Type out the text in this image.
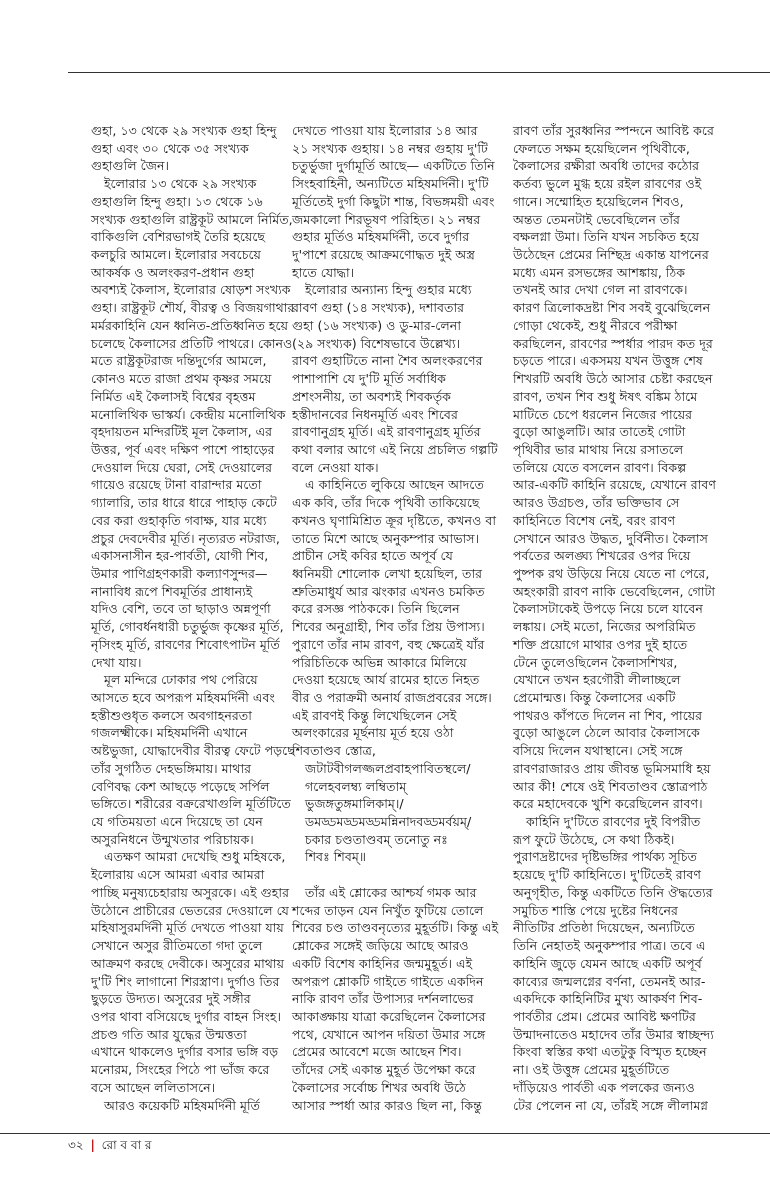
গুহা, ১৩ থেকে ২৯ সংখ্যক গুহা হিন্দু
গুহা এবং ৩০ থেকে ৩৫ সংখ্যক
গুহাগুলি জৈন।
ইলোরার ১৩ থেকে ২৯ সংখ্যক
গুহাগুলি হিন্দু গুহা। ১৩ থেকে ১৬
সংখ্যক গুহাগুলি রাষ্ট্রকূট আমলে নির্মিত,
বাকিগুলি বেশিরভাগই তৈরি হয়েছে
কলচুরি আমলে। ইলোরার সবচেয়ে
আকর্ষক ও অলংকরণ-প্রধান গুহা
অবশ্যই কৈলাস, ইলোরার ষোড়শ সংখ্যক
গুহা। রাষ্ট্রকূট শৌর্য, বীরত্ব ও বিজয়গাথার
মর্মরকাহিনি যেন ধ্বনিত-প্রতিধ্বনিত হয়ে
চলেছে কৈলাসের প্রতিটি পাথরে। কোনও
মতে রাষ্ট্রকূটরাজ দন্তিদুর্গের আমলে,
কোনও মতে রাজা প্রথম কৃষ্ণর সময়ে
নির্মিত এই কৈলাসই বিশ্বের বৃহত্তম
মনোলিথিক ভাস্কর্য। কেন্দ্রীয় মনোলিথিক
বৃহদায়তন মন্দিরটিই মূল কৈলাস, এর
উত্তর, পূর্ব এবং দক্ষিণ পাশে পাহাড়ের
দেওয়াল দিয়ে ঘেরা, সেই দেওয়ালের
গায়েও রয়েছে টানা বারান্দার মতো
গ্যালারি, তার ধারে ধারে পাহাড় কেটে
বের করা গুহাকৃতি গবাক্ষ, যার মধ্যে
প্রচুর দেবদেবীর মূর্তি। নৃত্যরত নটরাজ,
একাসনাসীন হর-পার্বতী, যোগী শিব,
উমার পাণিগ্রহণকারী কল্যাণসুন্দর—
নানাবিধ রূপে শিবমূর্তির প্রাধান্যই
যদিও বেশি, তবে তা ছাড়াও অন্নপূর্ণা
মূর্তি, গোবর্ধনধারী চতুর্ভুজ কৃষ্ণের মূর্তি,
নৃসিংহ মূর্তি, রাবণের শিবোৎপাটন মূর্তি
দেখা যায়।
মূল মন্দিরে ঢোকার পথ পেরিয়ে
আসতে হবে অপরূপ মহিষমর্দিনী এবং
হস্তীশুণ্ডধৃত কলসে অবগাহনরতা
গজলক্ষ্মীকে। মহিষমর্দিনী এখানে
অষ্টভুজা, যোদ্ধাদেবীর বীরত্ব ফেটে পড়ছে
তাঁর সুগঠিত দেহভঙ্গিমায়। মাথার
বেণিবদ্ধ কেশ আছড়ে পড়েছে সর্পিল
ভঙ্গিতে। শরীরের বক্ররেখাগুলি মূর্তিটিতে
যে গতিময়তা এনে দিয়েছে তা যেন
অসুরনিধনে উন্মুখতার পরিচায়ক।
এতক্ষণ আমরা দেখেছি শুধু মহিষকে,
ইলোরায় এসে আমরা এবার আমরা
পাচ্ছি মনুষ্যচেহারায় অসুরকে। এই গুহার
উঠোনে প্রাচীরের ভেতরের দেওয়ালে যে
মহিষাসুরমর্দিনী মূর্তি দেখতে পাওয়া যায়
সেখানে অসুর রীতিমতো গদা তুলে
আক্রমণ করছে দেবীকে। অসুরের মাথায়
দু'টি শিং লাগানো শিরস্ত্রাণ। দুর্গাও তির
ছুড়তে উদ্যত। অসুরের দুই সঙ্গীর
ওপর থাবা বসিয়েছে দুর্গার বাহন সিংহ।
প্রচণ্ড গতি আর যুদ্ধের উন্মত্ততা
এখানে থাকলেও দুর্গার বসার ভঙ্গি বড়
মনোরম, সিংহের পিঠে পা ভাঁজ করে
বসে আছেন ললিতাসনে।
আরও কয়েকটি মহিষমর্দিনী মূর্তি
দেখতে পাওয়া যায় ইলোরার ১৪ আর
২১ সংখ্যক গুহায়। ১৪ নম্বর গুহায় দু'টি
চতুর্ভুজা দুর্গামূর্তি আছে— একটিতে তিনি
সিংহবাহিনী, অন্যটিতে মহিষমর্দিনী। দু'টি
মূর্তিতেই দুর্গা কিছুটা শান্ত, বিভঙ্গময়ী এবং
জমকালো শিরভূষণ পরিহিত। ২১ নম্বর
গুহার মূর্তিও মহিষমর্দিনী, তবে দুর্গার
দু'পাশে রয়েছে আক্রমণোদ্ধত দুই অস্ত্র
হাতে যোদ্ধা।
ইলোরার অন্যান্য হিন্দু গুহার মধ্যে
রাবণ গুহা (১৪ সংখ্যক), দশাবতার
গুহা (১৬ সংখ্যক) ও ডু-মার-লেনা
(২৯ সংখ্যক) বিশেষভাবে উল্লেখ্য।
রাবণ গুহাটিতে নানা শৈব অলংকরণের
পাশাপাশি যে দু'টি মূর্তি সর্বাধিক
প্রশংসনীয়, তা অবশ্যই শিবকর্তৃক
হস্তীদানবের নিধনমূর্তি এবং শিবের
রাবণানুগ্রহ মূর্তি। এই রাবণানুগ্রহ মূর্তির
কথা বলার আগে এই নিয়ে প্রচলিত গল্পটি
বলে নেওয়া যাক।
এ কাহিনিতে লুকিয়ে আছেন আদতে
এক কবি, তাঁর দিকে পৃথিবী তাকিয়েছে
কখনও ঘৃণামিশ্রিত ক্রূর দৃষ্টিতে, কখনও বা
তাতে মিশে আছে অনুকম্পার আভাস।
প্রাচীন সেই কবির হাতে অপূর্ব যে
ধ্বনিময়ী শোলোক লেখা হয়েছিল, তার
শ্রুতিমাধুর্য আর ঝংকার এখনও চমকিত
করে রসজ্ঞ পাঠককে। তিনি ছিলেন
শিবের অনুগ্রাহী, শিব তাঁর প্রিয় উপাস্য।
পুরাণে তাঁর নাম রাবণ, বহু ক্ষেত্রেই যাঁর
পরিচিতিকে অভিন্ন আকারে মিলিয়ে
দেওয়া হয়েছে আর্য রামের হাতে নিহত
বীর ও পরাক্রমী অনার্য রাজপ্রবরের সঙ্গে।
এই রাবণই কিন্তু লিখেছিলেন সেই
অলংকারের মূর্ছনায় মূর্ত হয়ে ওঠা
শিবতাণ্ডব স্তোত্র,
জটাটবীগলজ্জলপ্রবাহপাবিতস্থলে/
গলেহবলম্ব্য লম্বিতাম্
ভুজঙ্গতুঙ্গমালিকাম্।/
ডমড্ডমড্ডমড্ডমন্নিনাদবড্ডমর্বয়ম্/
চকার চণ্ডতাণ্ডবম্ তনোতু নঃ
শিবঃ শিবম্॥
তাঁর এই শ্লোকের আশ্চর্য গমক আর
শব্দের তাড়ন যেন নিখুঁত ফুটিয়ে তোলে
শিবের চণ্ড তাণ্ডবনৃত্যের মুহূর্তটি। কিন্তু এই
শ্লোকের সঙ্গেই জড়িয়ে আছে আরও
একটি বিশেষ কাহিনির জন্মমুহূর্ত। এই
অপরূপ শ্লোকটি গাইতে গাইতে একদিন
নাকি রাবণ তাঁর উপাস্যর দর্শনলাভের
আকাঙ্ক্ষায় যাত্রা করেছিলেন কৈলাসের
পথে, যেখানে আপন দয়িতা উমার সঙ্গে
প্রেমের আবেশে মজে আছেন শিব।
তাঁদের সেই একান্ত মুহূর্ত উপেক্ষা করে
কৈলাসের সর্বোচ্চ শিখর অবধি উঠে
আসার স্পর্ধা আর কারও ছিল না, কিন্তু
রাবণ তাঁর সুরধ্বনির স্পন্দনে আবিষ্ট করে
ফেলতে সক্ষম হয়েছিলেন পৃথিবীকে,
কৈলাসের রক্ষীরা অবধি তাদের কঠোর
কর্তব্য ভুলে মুগ্ধ হয়ে রইল রাবণের ওই
গানে। সম্মোহিত হয়েছিলেন শিবও,
অন্তত তেমনটাই ভেবেছিলেন তাঁর
বক্ষলগ্না উমা। তিনি যখন সচকিত হয়ে
উঠেছেন প্রেমের নিশ্ছিদ্র একান্ত যাপনের
মধ্যে এমন রসভঙ্গের আশঙ্কায়, ঠিক
তখনই আর দেখা গেল না রাবণকে।
কারণ ত্রিলোকদ্রষ্টা শিব সবই বুঝেছিলেন
গোড়া থেকেই, শুধু নীরবে পরীক্ষা
করছিলেন, রাবণের স্পর্ধার পারদ কত দূর
চড়তে পারে। একসময় যখন উত্তুঙ্গ শেষ
শিখরটি অবধি উঠে আসার চেষ্টা করছেন
রাবণ, তখন শিব শুধু ঈষৎ বঙ্কিম ঠামে
মাটিতে চেপে ধরলেন নিজের পায়ের
বুড়ো আঙুলটি। আর তাতেই গোটা
পৃথিবীর ভার মাথায় নিয়ে রসাতলে
তলিয়ে যেতে বসলেন রাবণ। বিকল্প
আর-একটি কাহিনি রয়েছে, যেখানে রাবণ
আরও উগ্রচণ্ড, তাঁর ভক্তিভাব সে
কাহিনিতে বিশেষ নেই, বরং রাবণ
সেখানে আরও উদ্ধত, দুর্বিনীত। কৈলাস
পর্বতের অলঙ্ঘ্য শিখরের ওপর দিয়ে
পুষ্পক রথ উড়িয়ে নিয়ে যেতে না পেরে,
অহংকারী রাবণ নাকি ভেবেছিলেন, গোটা
কৈলাসটাকেই উপড়ে নিয়ে চলে যাবেন
লঙ্কায়। সেই মতো, নিজের অপরিমিত
শক্তি প্রয়োগে মাথার ওপর দুই হাতে
টেনে তুলেওছিলেন কৈলাসশিখর,
যেখানে তখন হরগৌরী লীলাচ্ছলে
প্রেমোন্মত্ত। কিন্তু কৈলাসের একটি
পাথরও কাঁপতে দিলেন না শিব, পায়ের
বুড়ো আঙুলে ঠেলে আবার কৈলাসকে
বসিয়ে দিলেন যথাস্থানে। সেই সঙ্গে
রাবণরাজারও প্রায় জীবন্ত ভূমিসমাধি হয়
আর কী! শেষে ওই শিবতাণ্ডব স্তোত্রপাঠ
করে মহাদেবকে খুশি করেছিলেন রাবণ।
কাহিনি দু'টিতে রাবণের দুই বিপরীত
রূপ ফুটে উঠেছে, সে কথা ঠিকই।
পুরাণদ্রষ্টাদের দৃষ্টিভঙ্গির পার্থক্য সূচিত
হয়েছে দু'টি কাহিনিতে। দু'টিতেই রাবণ
অনুগৃহীত, কিন্তু একটিতে তিনি ঔদ্ধত্যের
সমুচিত শাস্তি পেয়ে দুষ্টের নিধনের
নীতিটির প্রতিষ্ঠা দিয়েছেন, অন্যটিতে
তিনি নেহাতই অনুকম্পার পাত্র। তবে এ
কাহিনি জুড়ে যেমন আছে একটি অপূর্ব
কাব্যের জন্মলগ্নের বর্ণনা, তেমনই আর-
একদিকে কাহিনিটির মুখ্য আকর্ষণ শিব-
পার্বতীর প্রেম। প্রেমের আবিষ্ট ক্ষণটির
উন্মাদনাতেও মহাদেব তাঁর উমার স্বাচ্ছন্দ্য
কিংবা স্বস্তির কথা এতটুকু বিস্মৃত হচ্ছেন
না। ওই উত্তুঙ্গ প্রেমের মুহূর্তটিতে
দাঁড়িয়েও পার্বতী এক পলকের জন্যও
টের পেলেন না যে, তাঁরই সঙ্গে লীলামগ্ন
৩২ | রো ব বা র
